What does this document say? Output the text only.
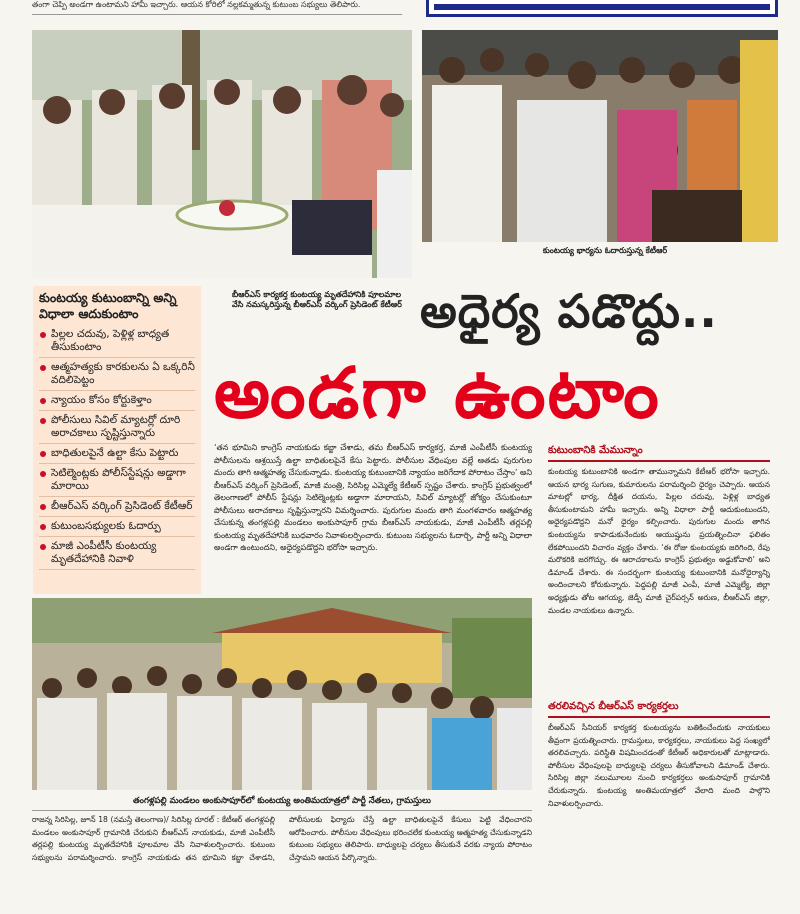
తంగా చెప్పి అండగా ఉంటామని హామీ ఇచ్చారు. ఆయన కోరిలో నల్లకమ్మతున్న కుటుంబ సభ్యులు తెలిపారు.
కుంటయ్య భార్యను ఓదారుస్తున్న కేటీఆర్
బీఆర్ఎస్ కార్యకర్త కుంటయ్య మృతదేహానికి పూలమాల వేసి నమస్కరిస్తున్న బీఆర్ఎస్ వర్కింగ్ ప్రెసిడెంట్ కేటీఆర్
కుంటయ్య కుటుంబాన్ని అన్ని విధాలా ఆదుకుంటాం
పిల్లల చదువు, పెళ్లిళ్ల బాధ్యత తీసుకుంటాం
ఆత్మహత్యకు కారకులను ఏ ఒక్కరినీ వదిలిపెట్టం
న్యాయం కోసం కోర్టుకెళ్తాం
పోలీసులు సివిల్ మ్యాటర్లో దూరి అరాచకాలు సృష్టిస్తున్నారు
బాధితులపైనే ఉల్టా కేసు పెట్టారు
సెటిల్మెంట్లకు పోలీస్‌స్టేషన్లు అడ్డాగా మారాయి
బీఆర్ఎస్ వర్కింగ్ ప్రెసిడెంట్ కేటీఆర్
కుటుంబసభ్యులకు ఓదార్పు
మాజీ ఎంపీటీసీ కుంటయ్య మృతదేహానికి నివాళి
అధైర్య పడొద్దు..
అండగా ఉంటాం
‘తన భూమిని కాంగ్రెస్ నాయకుడు కబ్జా చేశాడు, తమ బీఆర్ఎస్ కార్యకర్త, మాజీ ఎంపీటీసీ కుంటయ్య పోలీసులను ఆశ్రయిస్తే ఉల్టా బాధితులపైనే కేసు పెట్టారు. పోలీసుల వేధింపుల వల్లే ఆతడు పురుగుల మందు తాగి ఆత్మహత్య చేసుకున్నాడు. కుంటయ్య కుటుంబానికి న్యాయం జరిగేదాక పోరాటం చేస్తాం’ అని బీఆర్ఎస్ వర్కింగ్ ప్రెసిడెంట్, మాజీ మంత్రి, సిరిసిల్ల ఎమ్మెల్యే కేటీఆర్ స్పష్టం చేశారు. కాంగ్రెస్ ప్రభుత్వంలో తెలంగాణలో పోలీస్ స్టేషన్లు సెటిల్మెంట్లకు అడ్డాగా మారాయని, సివిల్ మ్యాటర్లో జోక్యం చేసుకుంటూ పోలీసులు అరాచకాలు సృష్టిస్తున్నారని విమర్శించారు. పురుగుల మందు తాగి మంగళవారం ఆత్మహత్య చేసుకున్న తంగళ్లపల్లి మండలం అంకుసాపూర్ గ్రామ బీఆర్ఎస్ నాయకుడు, మాజీ ఎంపీటీసీ తర్లపల్లి కుంటయ్య మృతదేహానికి బుధవారం నివాళులర్పించారు. కుటుంబ సభ్యులను ఓదార్చి, పార్టీ అన్ని విధాలా అండగా ఉంటుందని, అధైర్యపడొద్దని భరోసా ఇచ్చారు.
కుటుంబానికి మేమున్నాం
కుంటయ్య కుటుంబానికి అండగా తామున్నామని కేటీఆర్ భరోసా ఇచ్చారు. ఆయన భార్య సుగుణ, కుమారులను పరామర్శించి ధైర్యం చెప్పారు. ఆయన మాటల్లో భార్య, దీక్షిత దయను, పిల్లల చదువు, పెళ్లిళ్ల బాధ్యత తీసుకుంటామని హామీ ఇచ్చారు. అన్ని విధాలా పార్టీ ఆదుకుంటుందని, అధైర్యపడొద్దని మనో ధైర్యం కల్పించారు. పురుగుల మందు తాగిన కుంటయ్యను కాపాడుకునేందుకు ఆయుష్షును ప్రయత్నించినా ఫలితం లేకపోయిందని విచారం వ్యక్తం చేశారు. ‘ఈ రోజు కుంటయ్యకు జరిగింది, రేపు మరొకరికి జరగొచ్చు. ఈ ఆరాచకాలను కాంగ్రెస్ ప్రభుత్వం అడ్డుకోవాలి’ అని డిమాండ్ చేశారు. ఈ సందర్భంగా కుంటయ్య కుటుంబానికి మనోధైర్యాన్ని అందించాలని కోరుకున్నారు. పెద్దపల్లి మాజీ ఎంపీ, మాజీ ఎమ్మెల్యే, జిల్లా అధ్యక్షుడు తోట ఆగయ్య, జెడ్పీ మాజీ చైర్‌పర్సన్ అరుణ, బీఆర్ఎస్ జిల్లా, మండల నాయకులు ఉన్నారు.
తరలివచ్చిన బీఆర్ఎస్ కార్యకర్తలు
బీఆర్ఎస్ సీనియర్ కార్యకర్త కుంటయ్యను బతికించేందుకు నాయకులు తీవ్రంగా ప్రయత్నించారు. గ్రామస్తులు, కార్యకర్తలు, నాయకులు పెద్ద సంఖ్యలో తరలివచ్చారు. పరిస్థితి విషమించడంతో కేటీఆర్ అధికారులతో మాట్లాడారు. పోలీసుల వేధింపులపై బాధ్యులపై చర్యలు తీసుకోవాలని డిమాండ్ చేశారు. సిరిసిల్ల జిల్లా నలుమూలల నుంచి కార్యకర్తలు అంకుసాపూర్ గ్రామానికి చేరుకున్నారు. కుంటయ్య అంతిమయాత్రలో వేలాది మంది పాల్గొని నివాళులర్పించారు.
తంగళ్లపల్లి మండలం అంకుసాపూర్‌లో కుంటయ్య అంతిమయాత్రలో పార్టీ నేతలు, గ్రామస్తులు
రాజన్న సిరిసిల్ల, జూన్ 18 (నమస్తే తెలంగాణ)/ సిరిసిల్ల రూరల్ : కేటీఆర్ తంగళ్లపల్లి మండలం అంకుసాపూర్ గ్రామానికి చేరుకుని బీఆర్ఎస్ నాయకుడు, మాజీ ఎంపీటీసీ తర్లపల్లి కుంటయ్య మృతదేహానికి పూలమాల వేసి నివాళులర్పించారు. కుటుంబ సభ్యులను పరామర్శించారు. కాంగ్రెస్ నాయకుడు తన భూమిని కబ్జా చేశాడని, పోలీసులకు ఫిర్యాదు చేస్తే ఉల్టా బాధితులపైనే కేసులు పెట్టి వేధించారని ఆరోపించారు. పోలీసుల వేధింపులు భరించలేక కుంటయ్య ఆత్మహత్య చేసుకున్నాడని కుటుంబ సభ్యులు తెలిపారు. బాధ్యులపై చర్యలు తీసుకునే వరకు న్యాయ పోరాటం చేస్తామని ఆయన పేర్కొన్నారు.
